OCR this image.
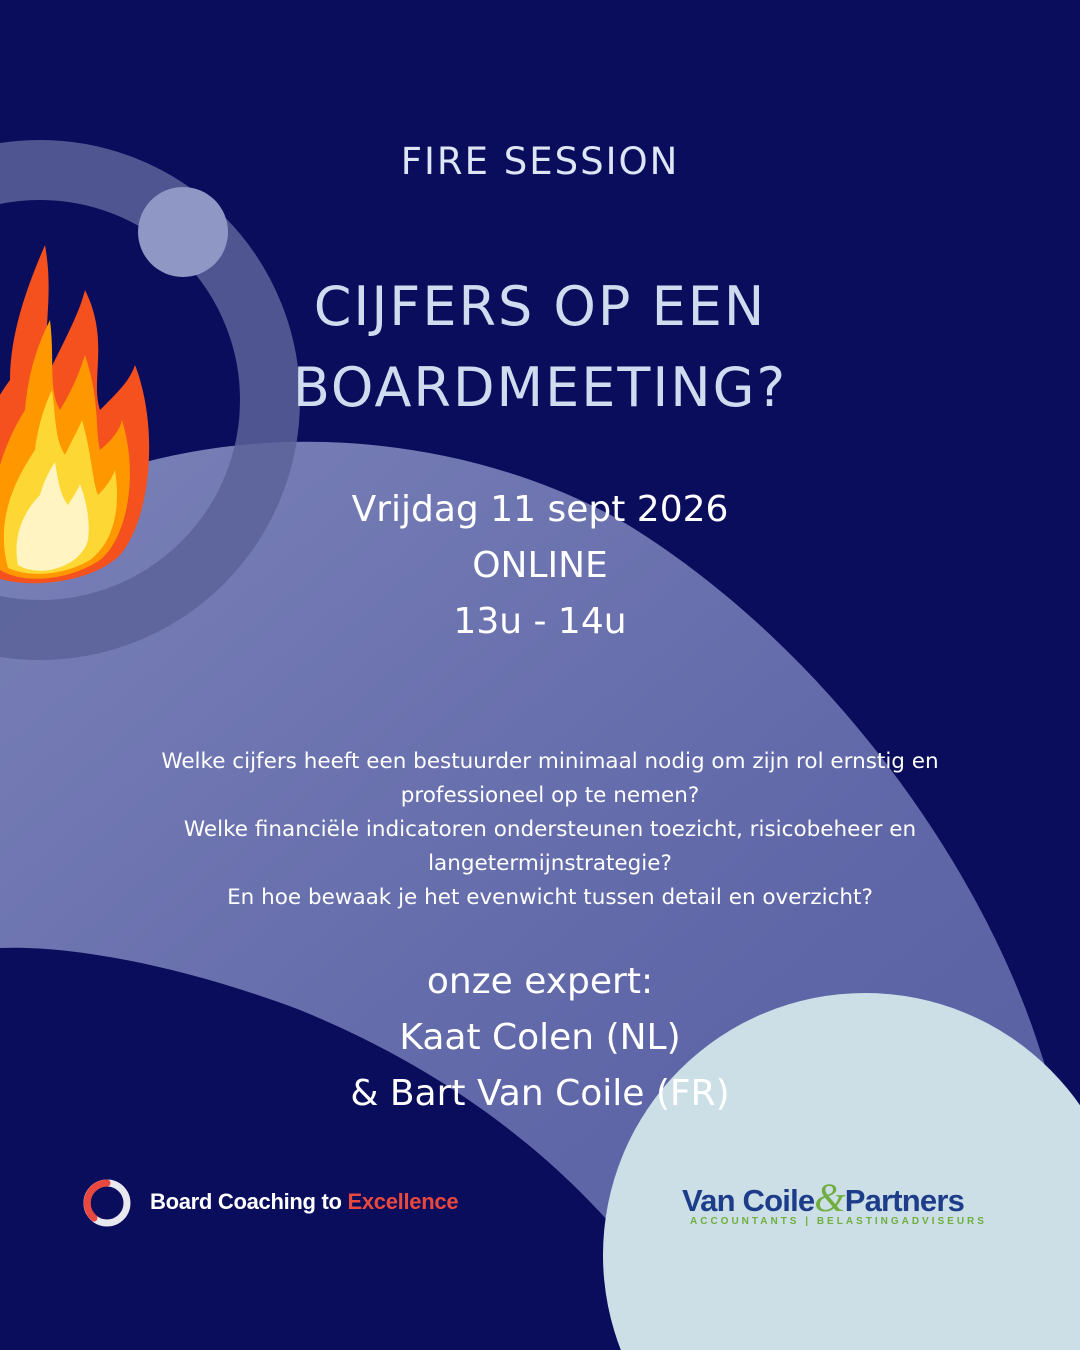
FIRE SESSION
CIJFERS OP EEN
BOARDMEETING?
Vrijdag 11 sept 2026
ONLINE
13u - 14u
Welke cijfers heeft een bestuurder minimaal nodig om zijn rol ernstig en
professioneel op te nemen?
Welke financiële indicatoren ondersteunen toezicht, risicobeheer en
langetermijnstrategie?
En hoe bewaak je het evenwicht tussen detail en overzicht?
onze expert:
Kaat Colen (NL)
& Bart Van Coile (FR)
Board Coaching to Excellence	Van Coile&Partners
ACCOUNTANTS | BELASTINGADVISEURS
